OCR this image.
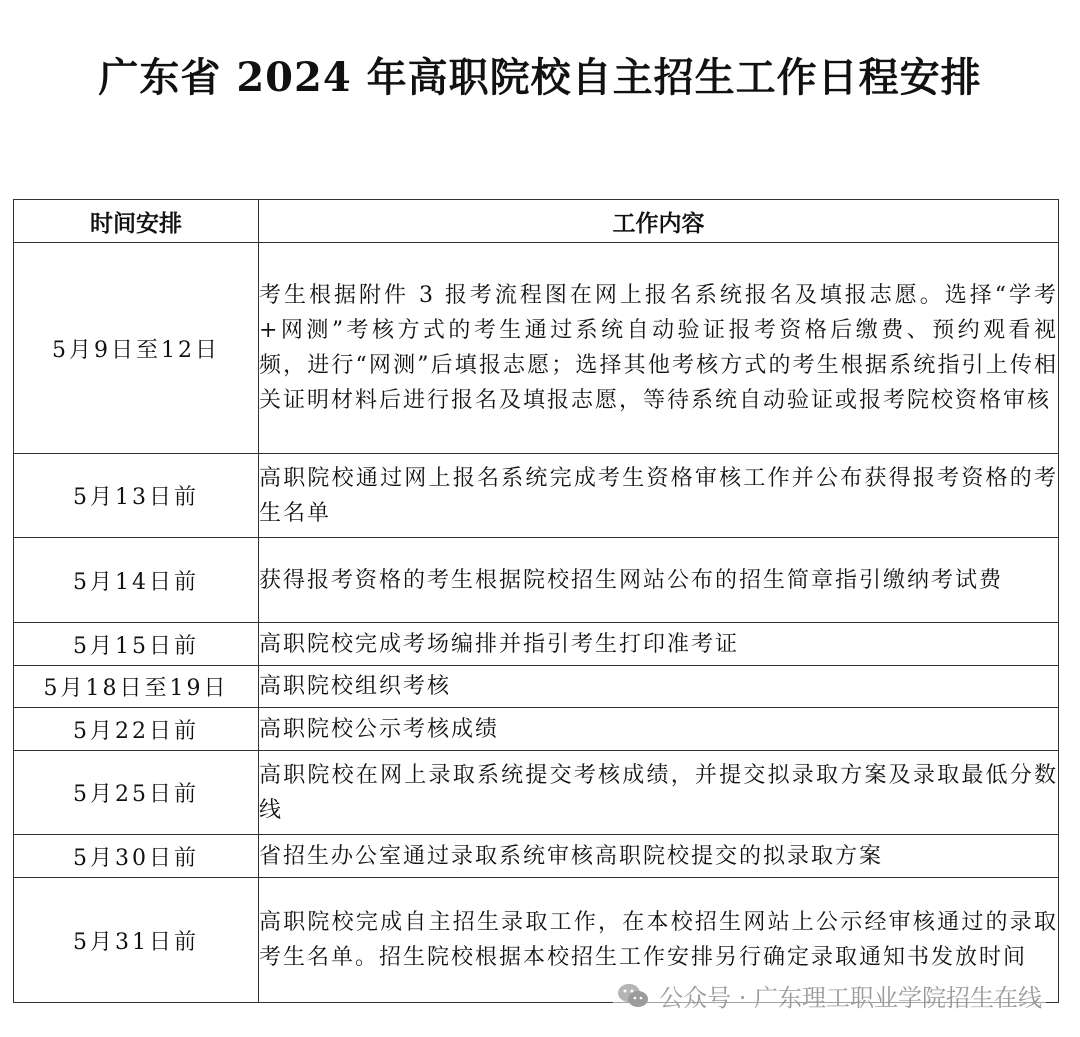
广东省 2024 年高职院校自主招生工作日程安排
时间安排	工作内容
5月9日至12日	考生根据附件 3 报考流程图在网上报名系统报名及填报志愿。选择“学考+网测”考核方式的考生通过系统自动验证报考资格后缴费、预约观看视频，进行“网测”后填报志愿；选择其他考核方式的考生根据系统指引上传相关证明材料后进行报名及填报志愿，等待系统自动验证或报考院校资格审核
5月13日前	高职院校通过网上报名系统完成考生资格审核工作并公布获得报考资格的考生名单
5月14日前	获得报考资格的考生根据院校招生网站公布的招生简章指引缴纳考试费
5月15日前	高职院校完成考场编排并指引考生打印准考证
5月18日至19日	高职院校组织考核
5月22日前	高职院校公示考核成绩
5月25日前	高职院校在网上录取系统提交考核成绩，并提交拟录取方案及录取最低分数线
5月30日前	省招生办公室通过录取系统审核高职院校提交的拟录取方案
5月31日前	高职院校完成自主招生录取工作，在本校招生网站上公示经审核通过的录取考生名单。招生院校根据本校招生工作安排另行确定录取通知书发放时间
公众号 · 广东理工职业学院招生在线
